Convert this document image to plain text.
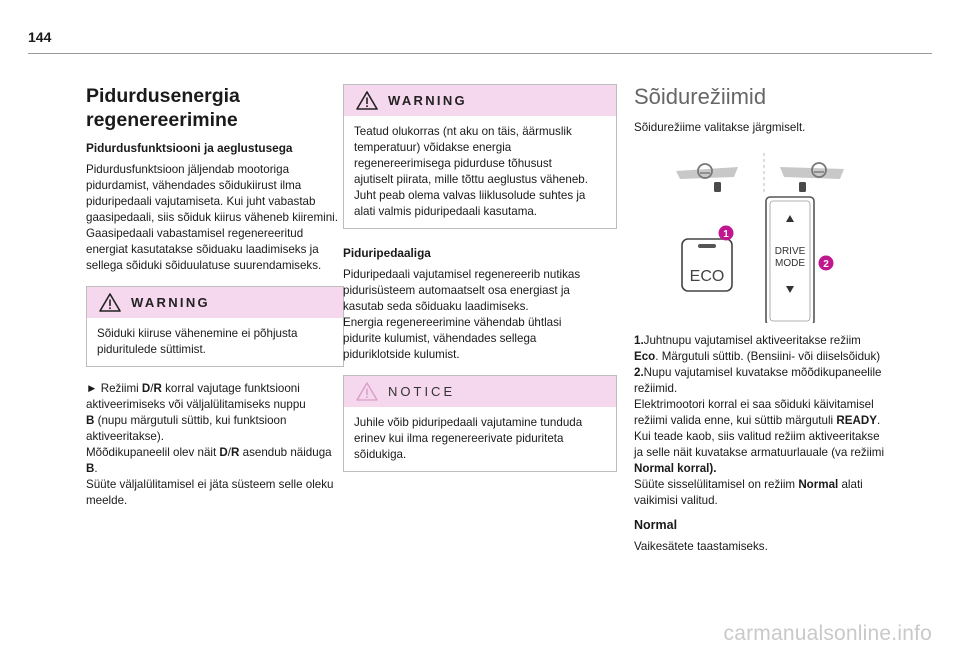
144
Pidurdusenergia
regenereerimine
Pidurdusfunktsiooni ja aeglustusega

Pidurdusfunktsioon jäljendab mootoriga
pidurdamist, vähendades sõidukiirust ilma
piduripedaali vajutamiseta. Kui juht vabastab
gaasipedaali, siis sõiduk kiirus väheneb kiiremini.
Gaasipedaali vabastamisel regenereeritud
energiat kasutatakse sõiduaku laadimiseks ja
sellega sõiduki sõiduulatuse suurendamiseks.

WARNING
Sõiduki kiiruse vähenemine ei põhjusta
piduritulede süttimist.

► Režiimi D/R korral vajutage funktsiooni
aktiveerimiseks või väljalülitamiseks nuppu
B (nupu märgutuli süttib, kui funktsioon
aktiveeritakse).
Mõõdikupaneelil olev näit D/R asendub näiduga
B.
Süüte väljalülitamisel ei jäta süsteem selle oleku
meelde.

WARNING
Teatud olukorras (nt aku on täis, äärmuslik
temperatuur) võidakse energia
regenereerimisega pidurduse tõhusust
ajutiselt piirata, mille tõttu aeglustus väheneb.
Juht peab olema valvas liiklusolude suhtes ja
alati valmis piduripedaali kasutama.
Piduripedaaliga

Piduripedaali vajutamisel regenereerib nutikas
pidurisüsteem automaatselt osa energiast ja
kasutab seda sõiduaku laadimiseks.
Energia regenereerimine vähendab ühtlasi
pidurite kulumist, vähendades sellega
piduriklotside kulumist.

NOTICE
Juhile võib piduripedaali vajutamine tunduda
erinev kui ilma regenereerivate piduriteta
sõidukiga.
Sõidurežiimid

Sõidurežiime valitakse järgmiselt.

ECO
1
DRIVE
MODE 2

1.Juhtnupu vajutamisel aktiveeritakse režiim
Eco. Märgutuli süttib. (Bensiini- või diiselsõiduk)
2.Nupu vajutamisel kuvatakse mõõdikupaneelile
režiimid.
Elektrimootori korral ei saa sõiduki käivitamisel
režiimi valida enne, kui süttib märgutuli READY.
Kui teade kaob, siis valitud režiim aktiveeritakse
ja selle näit kuvatakse armatuurlauale (va režiimi
Normal korral).
Süüte sisselülitamisel on režiim Normal alati
vaikimisi valitud.

Normal

Vaikesätete taastamiseks.

carmanualsonline.info
